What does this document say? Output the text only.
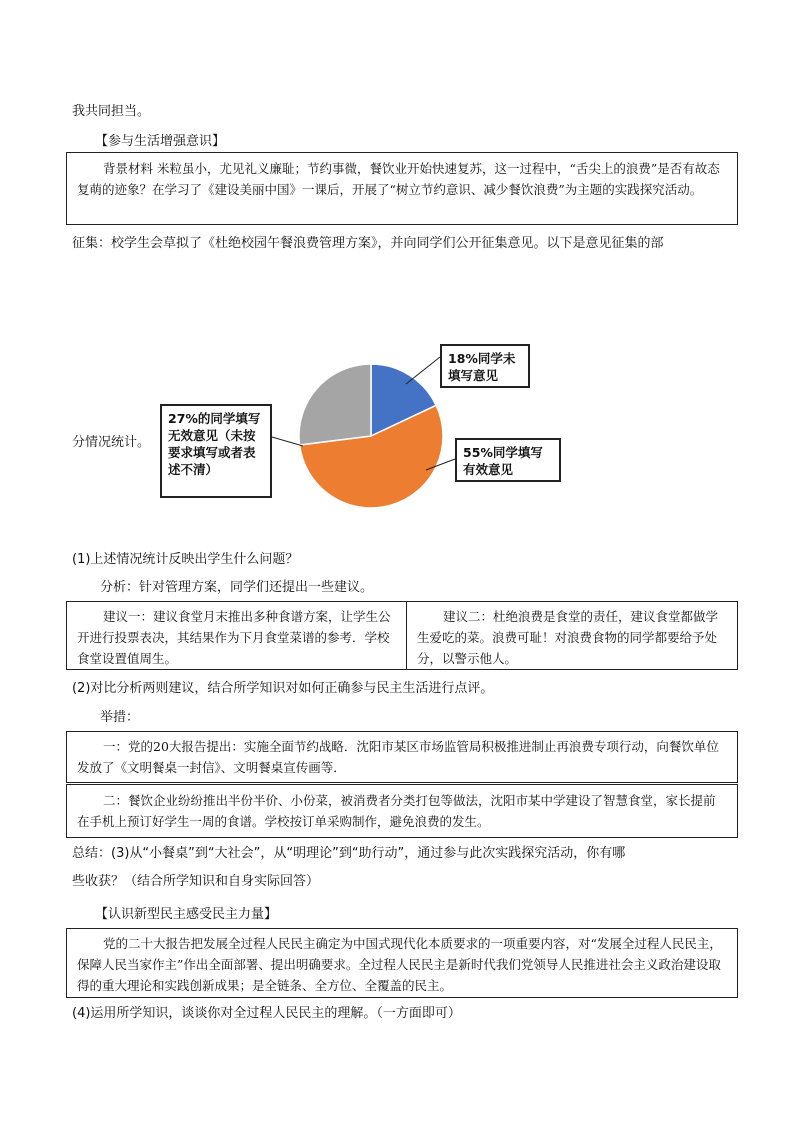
我共同担当。
【参与生活增强意识】
背景材料 米粒虽小，尤见礼义廉耻；节约事微，餐饮业开始快速复苏，这一过程中，“舌尖上的浪费”是否有故态复萌的迹象？在学习了《建设美丽中国》一课后，开展了“树立节约意识、减少餐饮浪费”为主题的实践探究活动。
征集：校学生会草拟了《杜绝校园午餐浪费管理方案》，并向同学们公开征集意见。以下是意见征集的部
分情况统计。
18%同学未填写意见
55%同学填写有效意见
27%的同学填写无效意见（未按要求填写或者表述不清）
(1)上述情况统计反映出学生什么问题？
分析：针对管理方案，同学们还提出一些建议。
建议一：建议食堂月末推出多种食谱方案，让学生公开进行投票表决，其结果作为下月食堂菜谱的参考．学校食堂设置值周生。
建议二：杜绝浪费是食堂的责任，建议食堂都做学生爱吃的菜。浪费可耻！对浪费食物的同学都要给予处分，以警示他人。
(2)对比分析两则建议，结合所学知识对如何正确参与民主生活进行点评。
举措：
一：党的20大报告提出：实施全面节约战略．沈阳市某区市场监管局积极推进制止再浪费专项行动，向餐饮单位发放了《文明餐桌一封信》、文明餐桌宣传画等．
二：餐饮企业纷纷推出半份半价、小份菜，被消费者分类打包等做法，沈阳市某中学建设了智慧食堂，家长提前在手机上预订好学生一周的食谱。学校按订单采购制作，避免浪费的发生。
总结：(3)从“小餐桌”到“大社会”，从“明理论”到“助行动”，通过参与此次实践探究活动，你有哪
些收获？（结合所学知识和自身实际回答）
【认识新型民主感受民主力量】
党的二十大报告把发展全过程人民民主确定为中国式现代化本质要求的一项重要内容，对“发展全过程人民民主，保障人民当家作主”作出全面部署、提出明确要求。全过程人民民主是新时代我们党领导人民推进社会主义政治建设取得的重大理论和实践创新成果；是全链条、全方位、全覆盖的民主。
(4)运用所学知识，谈谈你对全过程人民民主的理解。（一方面即可）
